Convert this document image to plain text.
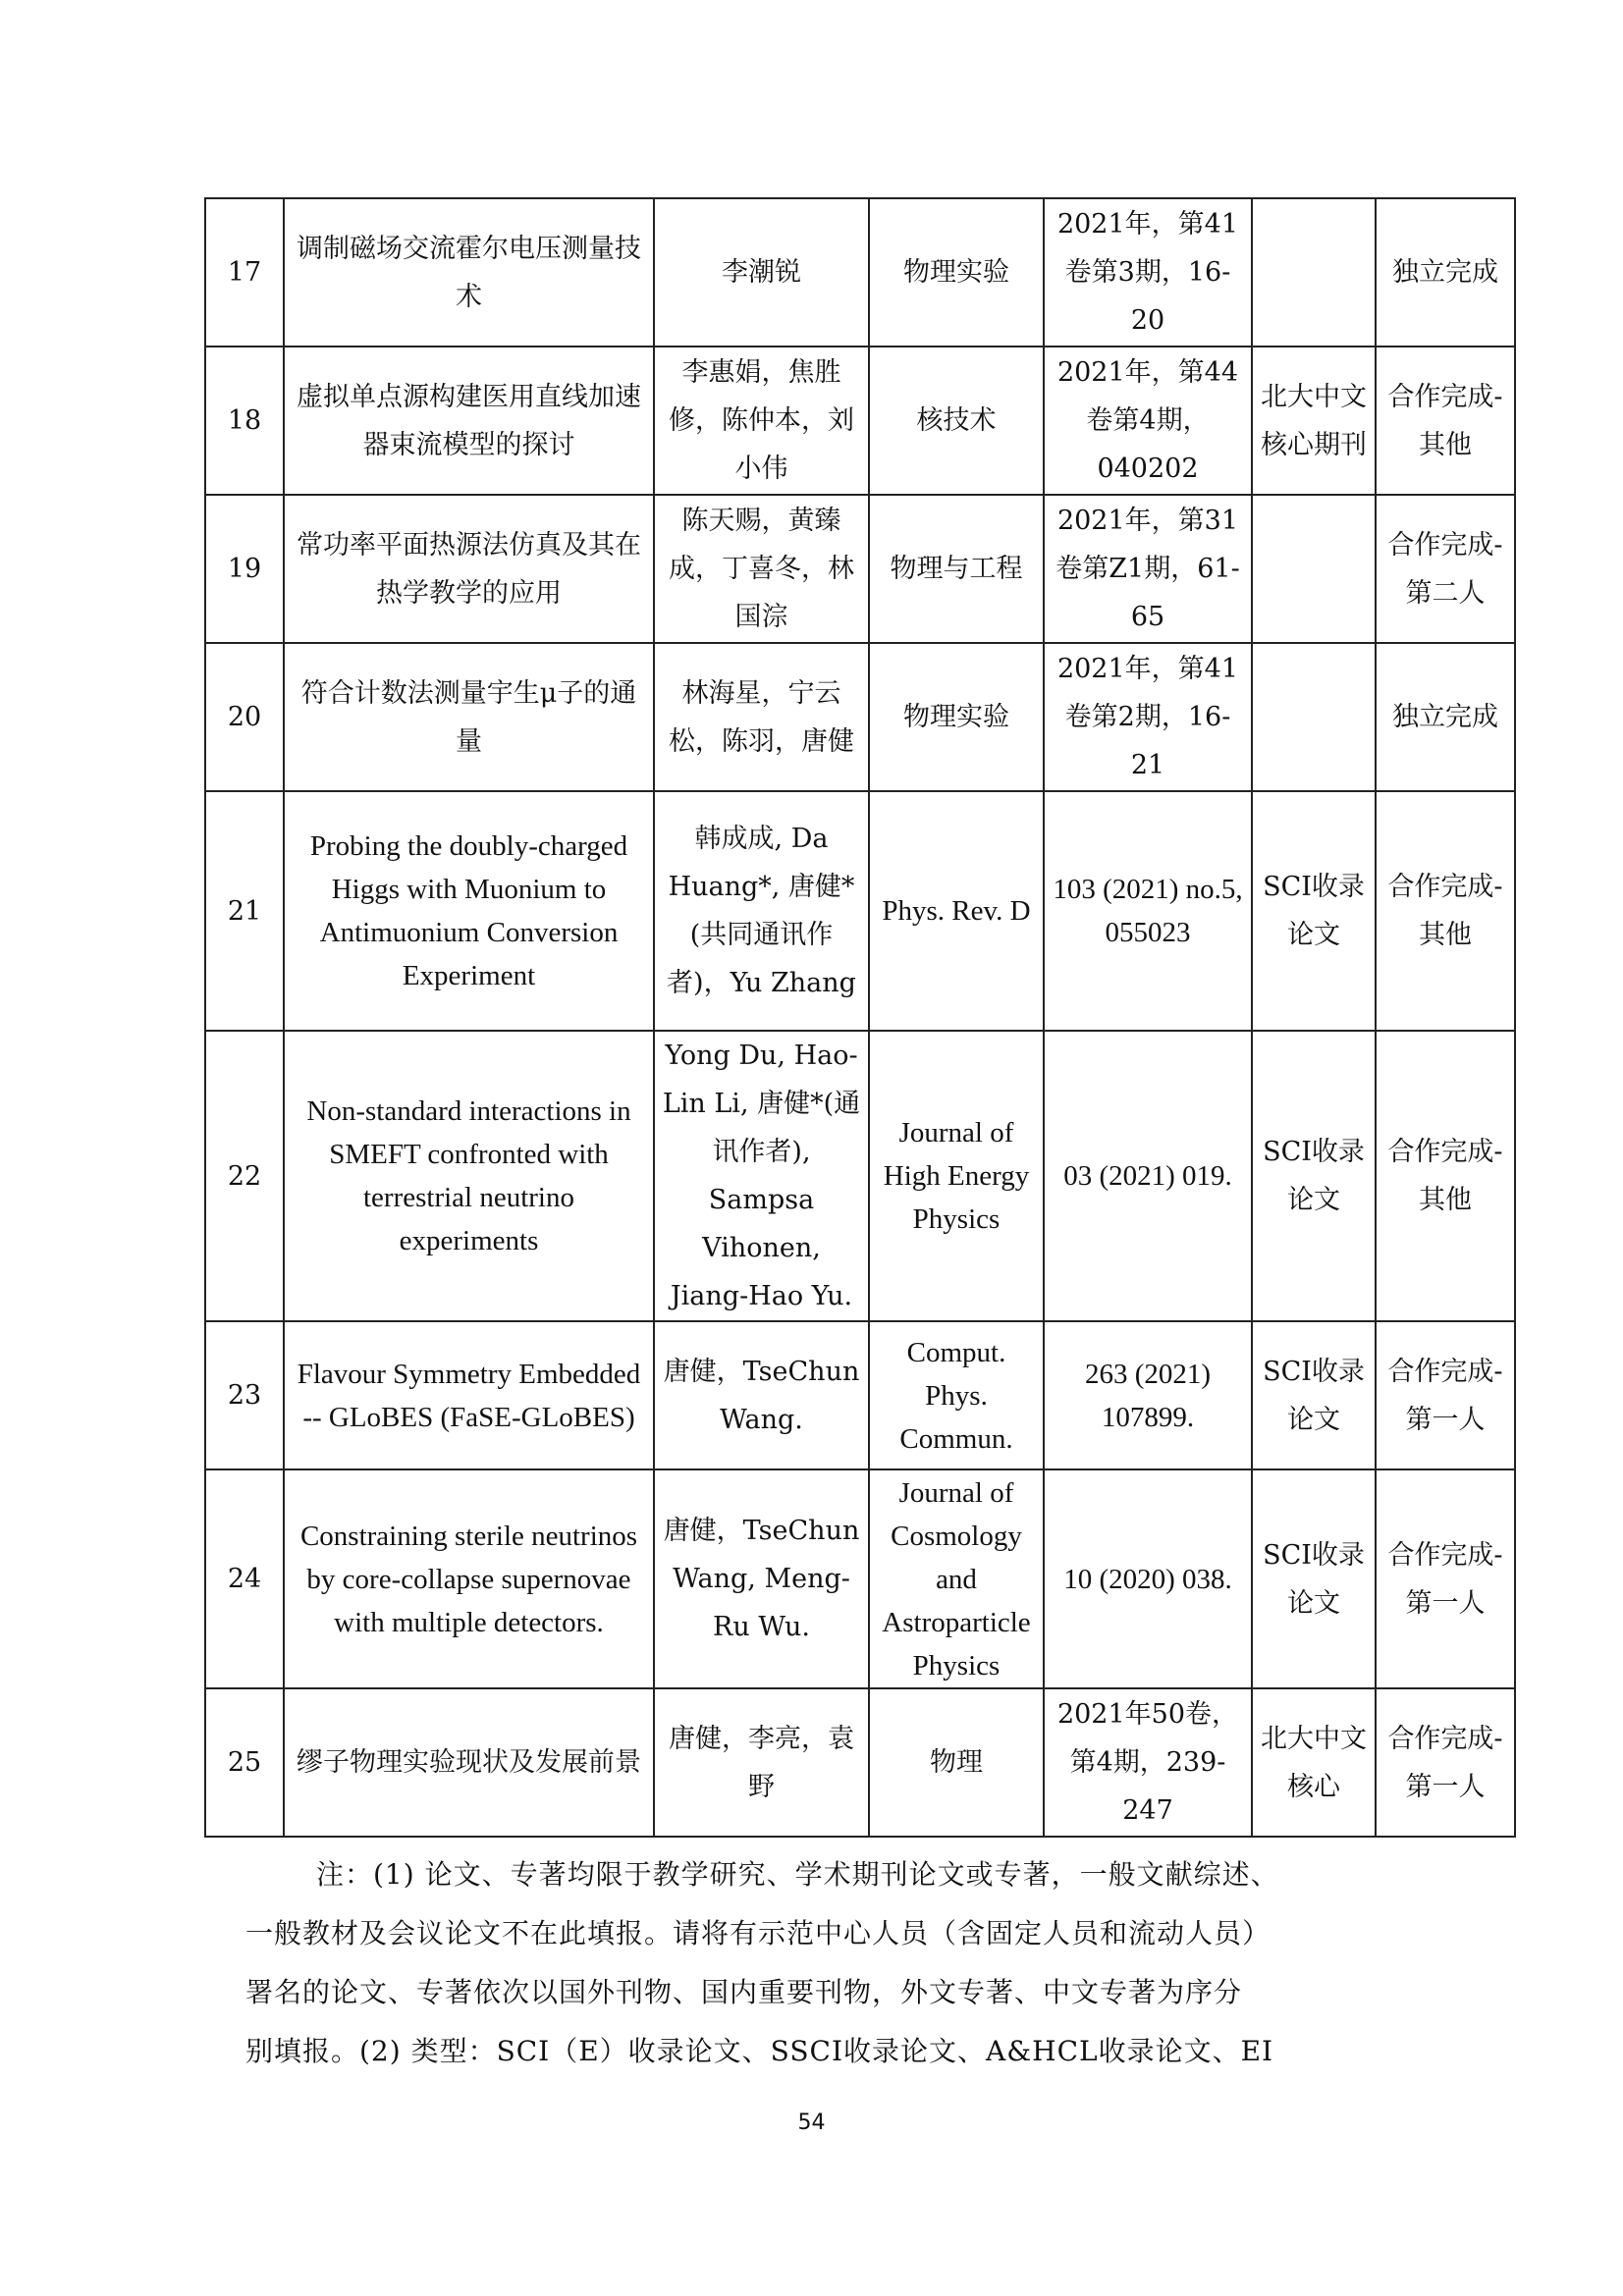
17	调制磁场交流霍尔电压测量技术	李潮锐	物理实验	2021年，第41卷第3期，16-20		独立完成
18	虚拟单点源构建医用直线加速器束流模型的探讨	李惠娟，焦胜修，陈仲本，刘小伟	核技术	2021年，第44卷第4期，040202	北大中文核心期刊	合作完成-其他
19	常功率平面热源法仿真及其在热学教学的应用	陈天赐，黄臻成，丁喜冬，林国淙	物理与工程	2021年，第31卷第Z1期，61-65		合作完成-第二人
20	符合计数法测量宇生μ子的通量	林海星，宁云松，陈羽，唐健	物理实验	2021年，第41卷第2期，16-21		独立完成
21	Probing the doubly-charged Higgs with Muonium to Antimuonium Conversion Experiment	韩成成, Da Huang*, 唐健*(共同通讯作者)，Yu Zhang	Phys. Rev. D	103 (2021) no.5, 055023	SCI收录论文	合作完成-其他
22	Non-standard interactions in SMEFT confronted with terrestrial neutrino experiments	Yong Du, Hao-Lin Li, 唐健*(通讯作者), Sampsa Vihonen, Jiang-Hao Yu.	Journal of High Energy Physics	03 (2021) 019.	SCI收录论文	合作完成-其他
23	Flavour Symmetry Embedded -- GLoBES (FaSE-GLoBES)	唐健，TseChun Wang.	Comput. Phys. Commun.	263 (2021) 107899.	SCI收录论文	合作完成-第一人
24	Constraining sterile neutrinos by core-collapse supernovae with multiple detectors.	唐健，TseChun Wang, Meng-Ru Wu.	Journal of Cosmology and Astroparticle Physics	10 (2020) 038.	SCI收录论文	合作完成-第一人
25	缪子物理实验现状及发展前景	唐健，李亮，袁野	物理	2021年50卷，第4期，239-247	北大中文核心	合作完成-第一人

注：(1) 论文、专著均限于教学研究、学术期刊论文或专著，一般文献综述、

一般教材及会议论文不在此填报。请将有示范中心人员（含固定人员和流动人员）

署名的论文、专著依次以国外刊物、国内重要刊物，外文专著、中文专著为序分

别填报。(2) 类型：SCI（E）收录论文、SSCI收录论文、A&HCL收录论文、EI

54
